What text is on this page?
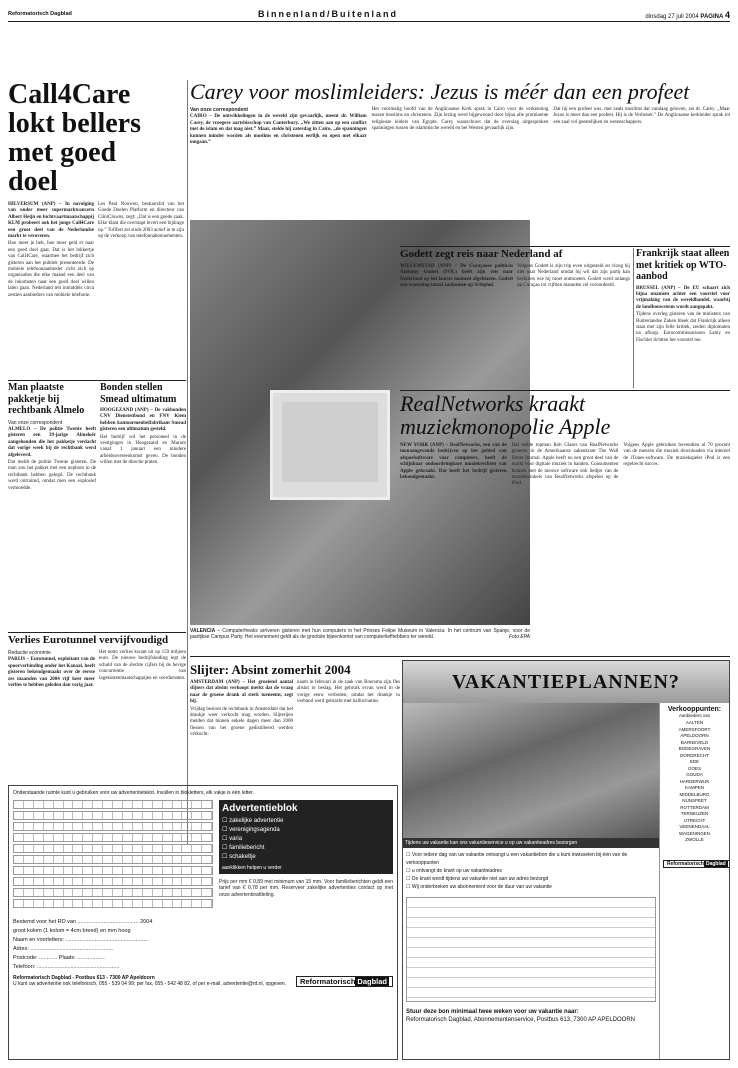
Reformatorisch Dagblad	Binnenland/Buitenland	dinsdag 27 juli 2004 PAGINA 4
Call4Care lokt bellers met goed doel

HILVERSUM (ANP) – In navolging van onder meer supermarktconcern Albert Heijn en luchtvaartmaatschappij KLM probeert ook het jonge Call4Care een groot deel van de Nederlandse markt te veroveren.

Hoe meer je belt, hoe meer geld er naar een goed doel gaat. Dat is het lokkertje van Call4Care, waarmee het bedrijf zich gisteren aan het publiek presenteerde. De mobiele telefoonaanbieder richt zich op organisaties die elke maand een deel van de inkomsten naar een goed doel willen laten gaan. Nederland telt inmiddels circa zestien aanbieders van mobiele telefonie.

Les Paul Nouwen, bestuurslid van het Goede Doelen Platform en directeur van CliniClowns, zegt: „Dat is een goede zaak. Elke klant die overstapt levert een bijdrage op.” Tofifert zei sinds 2003 actief in te zijn op de verkoop van telefoonabonnementen.

Carey voor moslimleiders: Jezus is méér dan een profeet

Van onze correspondent

CAIRO – De ontwikkelingen in de wereld zijn gevaarlijk, meent dr. William Carey, de vroegere aartsbisschop van Canterbury. „We zitten aan op een conflict met de islam en dat mag niet.” Maar, stelde hij zaterdag in Cairo, „de spanningen kunnen minder worden als moslims en christenen eerlijk en open met elkaar omgaan.”

Het voormalig hoofd van de Anglicaanse Kerk sprak in Cairo voor de verkenning tussen moslims en christenen. Zijn lezing werd bijgewoond door bijna alle prominente religieuze leiders van Egypte. Carey waarschuwt dat de overslag uitgesproken spanningen tussen de islamitische wereld en het Westen gevaarlijk zijn.

Dat hij een profeet was, met zeals moslims dat vandaag geloven, zei dr. Carey. „Maar Jezus is meer dan een profeet. Hij is de Verlosser.” De Anglicaanse kerkleider sprak tot een zaal vol geestelijken en wetenschappers.

VALENCIA – Computerfreaks arriveren gisteren met hun computers in het Prinses Felipe Museum in Valencia. In het centrum van Spanje, voor de jaarlijkse Campus Party. Het evenement geldt als de grootste bijeenkomst van computerliefhebbers ter wereld.	Foto EPA
Godett zegt reis naar Nederland af

WILLEMSTAD (ANP) – De Curaçaose politicus Anthony Godett (FOL) heeft zijn reis naar Nederland op het laatste moment afgeblazen. Godett zou woensdag totaal aankomen op Schiphol.

Volgens Godett is zijn trip even uitgesteld en vloog hij niet naar Nederland omdat hij wil dat zijn partij kan besluiten wie hij moet ontmoeten. Godett werd onlangs op Curaçao tot vijftien maanden cel veroordeeld.

Frankrijk staat alleen met kritiek op WTO-aanbod

BRUSSEL (ANP) – De EU schaart zich bijna unaniem achter een voorstel voor vrijmaking van de wereldhandel, waarbij de landbouwsteun wordt aangepakt.

Tijdens overleg gisteren van de ministers van Buitenlandse Zaken bleek dat Frankrijk alleen staat met zijn felle kritiek, zeiden diplomaten na afloop. Eurocommissarissen Lamy en Fischler lichtten het voorstel toe.

RealNetworks kraakt muziekmonopolie Apple

NEW YORK (ANP) – RealNetworks, een van de toonaangevende bedrijven op het gebied van afspeelsoftware voor computers, heeft de schijnbaar ondoordringbare muziekrechten van Apple gekraakt. Dat heeft het bedrijf gisteren bekendgemaakt.

Dat stelde topman Rob Glaser van RealNetworks gisteren in de Amerikaanse zakenkrant The Wall Street Journal. Apple heeft nu een groot deel van de markt voor digitale muziek in handen. Consumenten kunnen met de nieuwe software ook liedjes van de muziekwinkels van RealNetworks afspelen op de iPod.

Volgens Apple gebruiken bovendien al 70 procent van de mensen die muziek downloaden via internet de iTunes-software. De muziekspeler iPod is een regelrecht succes.

Slijter: Absint zomerhit 2004

AMSTERDAM (ANP) – Het groeiend aantal slijters dat absint verkoopt merkt dat de vraag naar de groene drank al sterk toeneemt, zegt hij.

Vrijdag besloot de rechtbank in Amsterdam dat het drankje weer verkocht mag worden. Slijterijen melden dat binnen enkele dagen meer dan 2000 flessen van het groene gedistilleerd werden verkocht.

naam in februari in de zaak van Boersma zijn fles absint in beslag. Het gebruik ervan werd in de vorige eeuw verboden, omdat het drankje in verband werd gebracht met hallucinaties.

Man plaatste pakketje bij rechtbank Almelo

Van onze correspondent

ALMELO – De politie Twente heeft gisteren een 39-jarige Almeloër aangehouden die het pakketje verdacht dat vorige week bij de rechtbank werd afgeleverd.

Dat meldt de politie Twente gisteren. De man zou het pakket met een nepbom in de rechtbank hebben gelegd. De rechtbank werd ontruimd, omdat men een explosief vermoedde.

Bonden stellen Smead ultimatum

HOOGEZAND (ANP) – De vakbonden CNV Dienstenbond en FNV Kiem hebben kantoormeubelfabrikant Smead gisteren een ultimatum gesteld.

Het bedrijf wil het personeel in de vestigingen in Hoogezand en Marum vanaf 1 januari een mindere arbeidsovereenkomst geven. De bonden willen met de directie praten.

Verlies Eurotunnel vervijfvoudigd

Redactie economie

PARIJS – Eurotunnel, exploitant van de spoorverbinding onder het Kanaal, heeft gisteren bekendgemaakt over de eerste zes maanden van 2004 vijf keer meer verlies te hebben geleden dan vorig jaar.

Het netto verlies kwam uit op 159 miljoen euro. De nieuwe bedrijfsleiding legt de schuld van de slechte cijfers bij de hevige concurrentie van lagekostenmaatschappijen en veerdiensten.

Onderstaande ruimte kunt u gebruiken voor uw advertentietekst. Invullen in blokletters, elk vakje is één letter.
Advertentieblok
☐ zakelijke advertentie
☐ verenigingsagenda
☐ varia
☐ familiebericht
☐ schakeltje
aanklikken helpen u verder
Prijs per mm € 0,89 met minimum van 15 mm. Voor familieberichten geldt een tarief van € 0,78 per mm. Reserveer zakelijke advertenties contact op met onze advertentieafdeling.
Bestemd voor het RD van ........................................ 2004
groot kolom (1 kolom = 4cm breed) en mm hoog
Naam en voorletters: ......................................................
Adres: ......................................................
Postcode: ............ Plaats: ..................
Telefoon: ......................................................
Reformatorisch Dagblad - Postbus 613 - 7300 AP Apeldoorn
U kunt uw advertentie ook telefonisch, 055 - 539 04 99; per fax, 055 - 542 48 82, of per e-mail, advertentie@rd.nl, opgeven.	Reformatorisch Dagblad
VAKANTIEPLANNEN?
Tijdens uw vakantie kan ons vakantieservice u op uw vakantieadres bezorgen
☐ Voor iedere dag van uw vakantie ontvangt u een vakantiebon die u kunt inwisselen bij één van de verkooppunten
☐ u ontvangt de krant op uw vakantieadres
☐ De krant wordt tijdens uw vakantie niet aan uw adres bezorgd
☐ Wij onderbreken uw abonnement voor de duur van uw vakantie
Stuur deze bon minimaal twee weken voor uw vakantie naar:
Reformatorisch Dagblad, Abonnementenservice, Postbus 613, 7300 AP APELDOORN
Verkooppunten:
Aanbieders van
AALTEN
AMERSFOORT
APELDOORN
BARNEVELD
BODEGRAVEN
DORDRECHT
EDE
GOES
GOUDA
HARDERWIJK
KAMPEN
MIDDELBURG
NUNSPEET
ROTTERDAM
TERNEUZEN
UTRECHT
VEENENDAAL
WAGENINGEN
ZWOLLE
Reformatorisch Dagblad
